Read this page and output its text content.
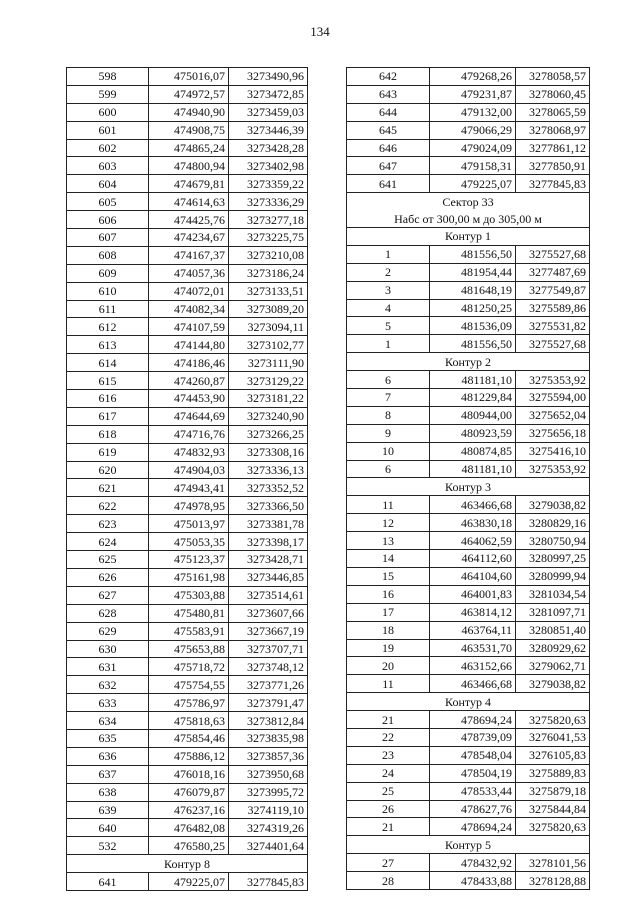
134
598	475016,07	3273490,96
599	474972,57	3273472,85
600	474940,90	3273459,03
601	474908,75	3273446,39
602	474865,24	3273428,28
603	474800,94	3273402,98
604	474679,81	3273359,22
605	474614,63	3273336,29
606	474425,76	3273277,18
607	474234,67	3273225,75
608	474167,37	3273210,08
609	474057,36	3273186,24
610	474072,01	3273133,51
611	474082,34	3273089,20
612	474107,59	3273094,11
613	474144,80	3273102,77
614	474186,46	3273111,90
615	474260,87	3273129,22
616	474453,90	3273181,22
617	474644,69	3273240,90
618	474716,76	3273266,25
619	474832,93	3273308,16
620	474904,03	3273336,13
621	474943,41	3273352,52
622	474978,95	3273366,50
623	475013,97	3273381,78
624	475053,35	3273398,17
625	475123,37	3273428,71
626	475161,98	3273446,85
627	475303,88	3273514,61
628	475480,81	3273607,66
629	475583,91	3273667,19
630	475653,88	3273707,71
631	475718,72	3273748,12
632	475754,55	3273771,26
633	475786,97	3273791,47
634	475818,63	3273812,84
635	475854,46	3273835,98
636	475886,12	3273857,36
637	476018,16	3273950,68
638	476079,87	3273995,72
639	476237,16	3274119,10
640	476482,08	3274319,26
532	476580,25	3274401,64
Контур 8		
641	479225,07	3277845,83
642	479268,26	3278058,57
643	479231,87	3278060,45
644	479132,00	3278065,59
645	479066,29	3278068,97
646	479024,09	3277861,12
647	479158,31	3277850,91
641	479225,07	3277845,83
Сектор 33		
Набс от 300,00 м до 305,00 м		
Контур 1		
1	481556,50	3275527,68
2	481954,44	3277487,69
3	481648,19	3277549,87
4	481250,25	3275589,86
5	481536,09	3275531,82
1	481556,50	3275527,68
Контур 2		
6	481181,10	3275353,92
7	481229,84	3275594,00
8	480944,00	3275652,04
9	480923,59	3275656,18
10	480874,85	3275416,10
6	481181,10	3275353,92
Контур 3		
11	463466,68	3279038,82
12	463830,18	3280829,16
13	464062,59	3280750,94
14	464112,60	3280997,25
15	464104,60	3280999,94
16	464001,83	3281034,54
17	463814,12	3281097,71
18	463764,11	3280851,40
19	463531,70	3280929,62
20	463152,66	3279062,71
11	463466,68	3279038,82
Контур 4		
21	478694,24	3275820,63
22	478739,09	3276041,53
23	478548,04	3276105,83
24	478504,19	3275889,83
25	478533,44	3275879,18
26	478627,76	3275844,84
21	478694,24	3275820,63
Контур 5		
27	478432,92	3278101,56
28	478433,88	3278128,88
